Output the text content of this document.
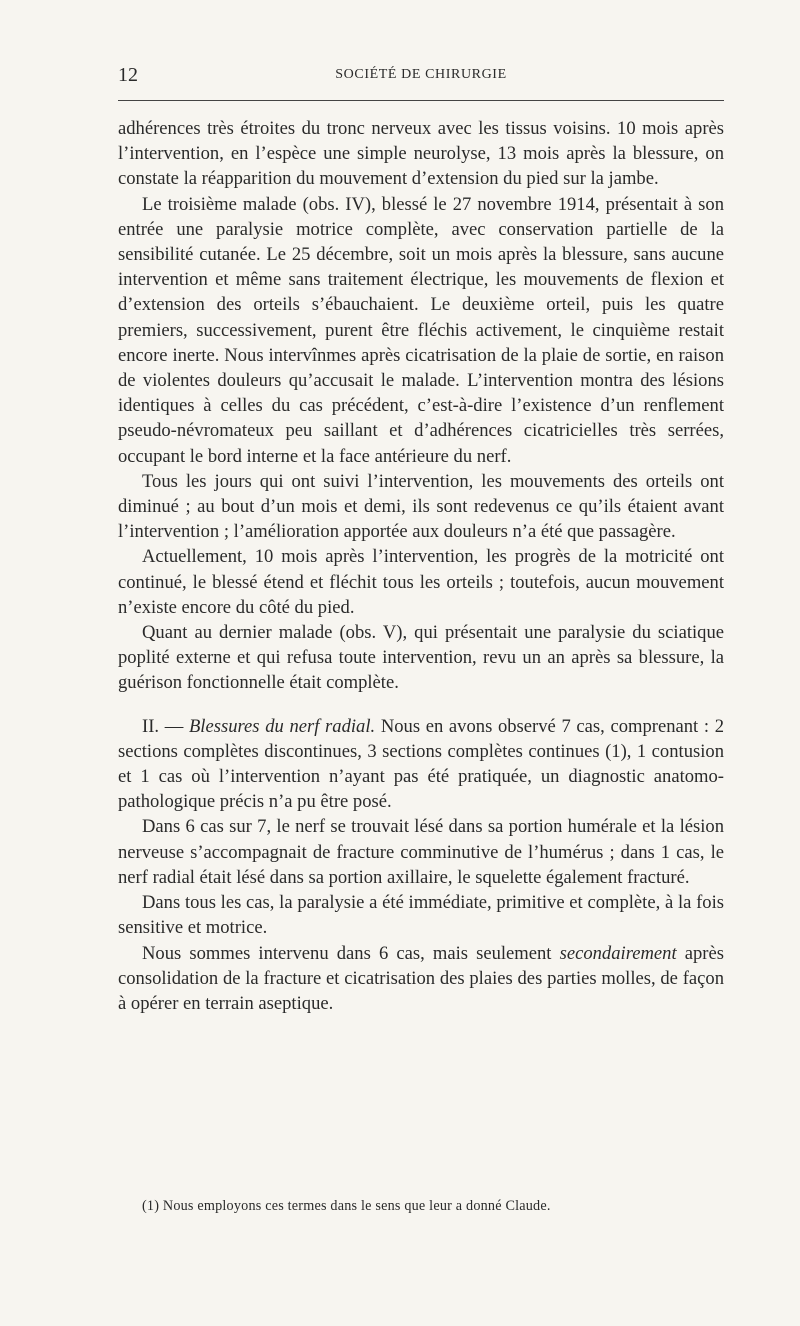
12	SOCIÉTÉ DE CHIRURGIE

adhérences très étroites du tronc nerveux avec les tissus voisins. 10 mois après l’intervention, en l’espèce une simple neurolyse, 13 mois après la blessure, on constate la réapparition du mouvement d’extension du pied sur la jambe.

Le troisième malade (obs. IV), blessé le 27 novembre 1914, présentait à son entrée une paralysie motrice complète, avec conservation partielle de la sensibilité cutanée. Le 25 décembre, soit un mois après la blessure, sans aucune intervention et même sans traitement électrique, les mouvements de flexion et d’extension des orteils s’ébauchaient. Le deuxième orteil, puis les quatre premiers, successivement, purent être fléchis activement, le cinquième restait encore inerte. Nous intervînmes après cicatrisation de la plaie de sortie, en raison de violentes douleurs qu’accusait le malade. L’intervention montra des lésions identiques à celles du cas précédent, c’est-à-dire l’existence d’un renflement pseudo-névromateux peu saillant et d’adhérences cicatricielles très serrées, occupant le bord interne et la face antérieure du nerf.

Tous les jours qui ont suivi l’intervention, les mouvements des orteils ont diminué ; au bout d’un mois et demi, ils sont redevenus ce qu’ils étaient avant l’intervention ; l’amélioration apportée aux douleurs n’a été que passagère.

Actuellement, 10 mois après l’intervention, les progrès de la motricité ont continué, le blessé étend et fléchit tous les orteils ; toutefois, aucun mouvement n’existe encore du côté du pied.

Quant au dernier malade (obs. V), qui présentait une paralysie du sciatique poplité externe et qui refusa toute intervention, revu un an après sa blessure, la guérison fonctionnelle était complète.

II. — Blessures du nerf radial. Nous en avons observé 7 cas, comprenant : 2 sections complètes discontinues, 3 sections complètes continues (1), 1 contusion et 1 cas où l’intervention n’ayant pas été pratiquée, un diagnostic anatomo-pathologique précis n’a pu être posé.

Dans 6 cas sur 7, le nerf se trouvait lésé dans sa portion humérale et la lésion nerveuse s’accompagnait de fracture comminutive de l’humérus ; dans 1 cas, le nerf radial était lésé dans sa portion axillaire, le squelette également fracturé.

Dans tous les cas, la paralysie a été immédiate, primitive et complète, à la fois sensitive et motrice.

Nous sommes intervenu dans 6 cas, mais seulement secondairement après consolidation de la fracture et cicatrisation des plaies des parties molles, de façon à opérer en terrain aseptique.

(1) Nous employons ces termes dans le sens que leur a donné Claude.
